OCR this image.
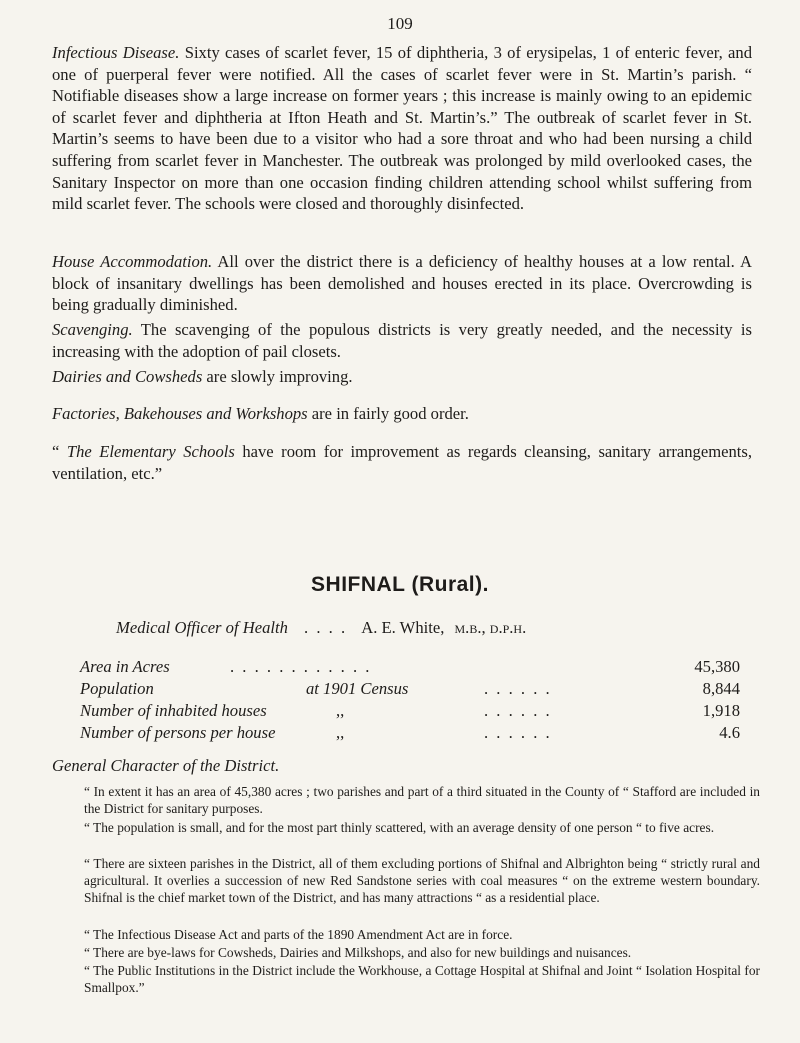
109

Infectious Disease. Sixty cases of scarlet fever, 15 of diphtheria, 3 of erysipelas, 1 of enteric fever, and one of puerperal fever were notified. All the cases of scarlet fever were in St. Martin’s parish. “ Notifiable diseases show a large increase on former years ; this increase is mainly owing to an epidemic of scarlet fever and diphtheria at Ifton Heath and St. Martin’s.” The outbreak of scarlet fever in St. Martin’s seems to have been due to a visitor who had a sore throat and who had been nursing a child suffering from scarlet fever in Manchester. The outbreak was prolonged by mild overlooked cases, the Sanitary Inspector on more than one occasion finding children attending school whilst suffering from mild scarlet fever. The schools were closed and thoroughly disinfected.

House Accommodation. All over the district there is a deficiency of healthy houses at a low rental. A block of insanitary dwellings has been demolished and houses erected in its place. Overcrowding is being gradually diminished.

Scavenging. The scavenging of the populous districts is very greatly needed, and the necessity is increasing with the adoption of pail closets.

Dairies and Cowsheds are slowly improving.

Factories, Bakehouses and Workshops are in fairly good order.

“ The Elementary Schools have room for improvement as regards cleansing, sanitary arrangements, ventilation, etc.”

SHIFNAL (Rural).
Medical Officer of Health . . . . A. E. White, m.b., d.p.h.
Area in Acres	. . . . . . . . . . . .	45,380
Population	at 1901 Census	. . . . . .	8,844
Number of inhabited houses	,,	. . . . . .	1,918
Number of persons per house	,,	. . . . . .	4.6
General Character of the District.

“ In extent it has an area of 45,380 acres ; two parishes and part of a third situated in the County of “ Stafford are included in the District for sanitary purposes.

“ The population is small, and for the most part thinly scattered, with an average density of one person “ to five acres.

“ There are sixteen parishes in the District, all of them excluding portions of Shifnal and Albrighton being “ strictly rural and agricultural. It overlies a succession of new Red Sandstone series with coal measures “ on the extreme western boundary. Shifnal is the chief market town of the District, and has many attractions “ as a residential place.

“ The Infectious Disease Act and parts of the 1890 Amendment Act are in force.

“ There are bye-laws for Cowsheds, Dairies and Milkshops, and also for new buildings and nuisances.

“ The Public Institutions in the District include the Workhouse, a Cottage Hospital at Shifnal and Joint “ Isolation Hospital for Smallpox.”
